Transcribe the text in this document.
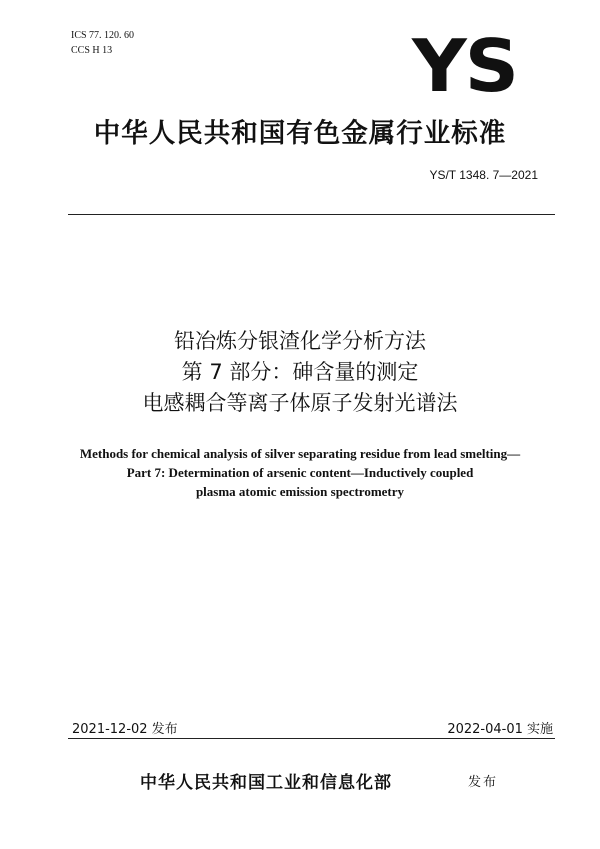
ICS 77. 120. 60
CCS H 13	YS
中华人民共和国有色金属行业标准
YS/T 1348. 7—2021
铅冶炼分银渣化学分析方法
第 7 部分：砷含量的测定
电感耦合等离子体原子发射光谱法
Methods for chemical analysis of silver separating residue from lead smelting—
Part 7: Determination of arsenic content—Inductively coupled
plasma atomic emission spectrometry
2021-12-02 发布	2022-04-01 实施
中华人民共和国工业和信息化部	发布
